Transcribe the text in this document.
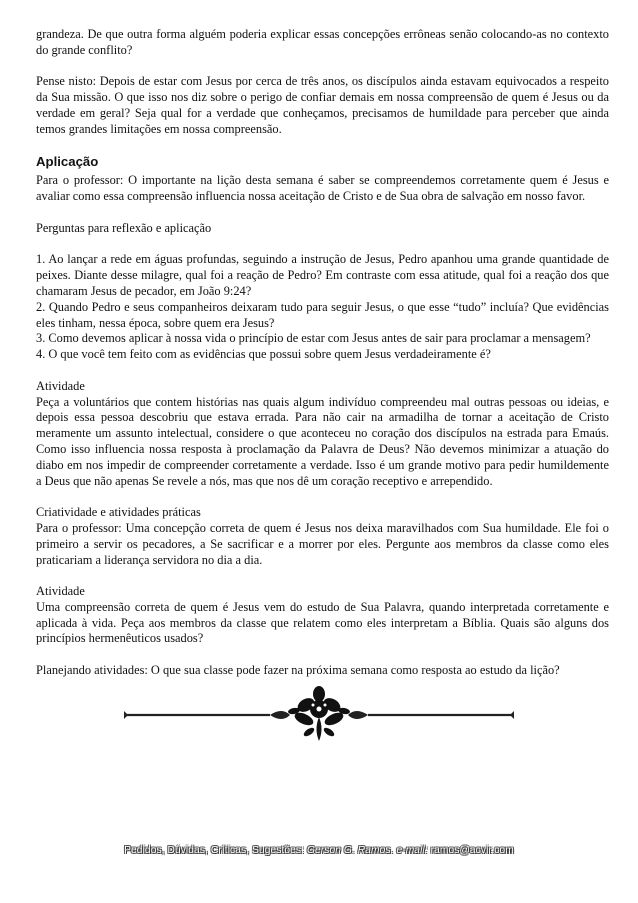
grandeza. De que outra forma alguém poderia explicar essas concepções errôneas senão colocando-as no contexto do grande conflito?

Pense nisto: Depois de estar com Jesus por cerca de três anos, os discípulos ainda estavam equivocados a respeito da Sua missão. O que isso nos diz sobre o perigo de confiar demais em nossa compreensão de quem é Jesus ou da verdade em geral? Seja qual for a verdade que conheçamos, precisamos de humildade para perceber que ainda temos grandes limitações em nossa compreensão.

Aplicação

Para o professor: O importante na lição desta semana é saber se compreendemos corretamente quem é Jesus e avaliar como essa compreensão influencia nossa aceitação de Cristo e de Sua obra de salvação em nosso favor.

Perguntas para reflexão e aplicação

1. Ao lançar a rede em águas profundas, seguindo a instrução de Jesus, Pedro apanhou uma grande quantidade de peixes. Diante desse milagre, qual foi a reação de Pedro? Em contraste com essa atitude, qual foi a reação dos que chamaram Jesus de pecador, em João 9:24?

2. Quando Pedro e seus companheiros deixaram tudo para seguir Jesus, o que esse “tudo” incluía? Que evidências eles tinham, nessa época, sobre quem era Jesus?

3. Como devemos aplicar à nossa vida o princípio de estar com Jesus antes de sair para proclamar a mensagem?

4. O que você tem feito com as evidências que possui sobre quem Jesus verdadeiramente é?

Atividade

Peça a voluntários que contem histórias nas quais algum indivíduo compreendeu mal outras pessoas ou ideias, e depois essa pessoa descobriu que estava errada. Para não cair na armadilha de tornar a aceitação de Cristo meramente um assunto intelectual, considere o que aconteceu no coração dos discípulos na estrada para Emaús. Como isso influencia nossa resposta à proclamação da Palavra de Deus? Não devemos minimizar a atuação do diabo em nos impedir de compreender corretamente a verdade. Isso é um grande motivo para pedir humildemente a Deus que não apenas Se revele a nós, mas que nos dê um coração receptivo e arrependido.

Criatividade e atividades práticas

Para o professor: Uma concepção correta de quem é Jesus nos deixa maravilhados com Sua humildade. Ele foi o primeiro a servir os pecadores, a Se sacrificar e a morrer por eles. Pergunte aos membros da classe como eles praticariam a liderança servidora no dia a dia.

Atividade

Uma compreensão correta de quem é Jesus vem do estudo de Sua Palavra, quando interpretada corretamente e aplicada à vida. Peça aos membros da classe que relatem como eles interpretam a Bíblia. Quais são alguns dos princípios hermenêuticos usados?

Planejando atividades: O que sua classe pode fazer na próxima semana como resposta ao estudo da lição?

Pedidos, Dúvidas, Críticas, Sugestões: Gerson G. Ramos. e-mail: ramos@acvir.com
